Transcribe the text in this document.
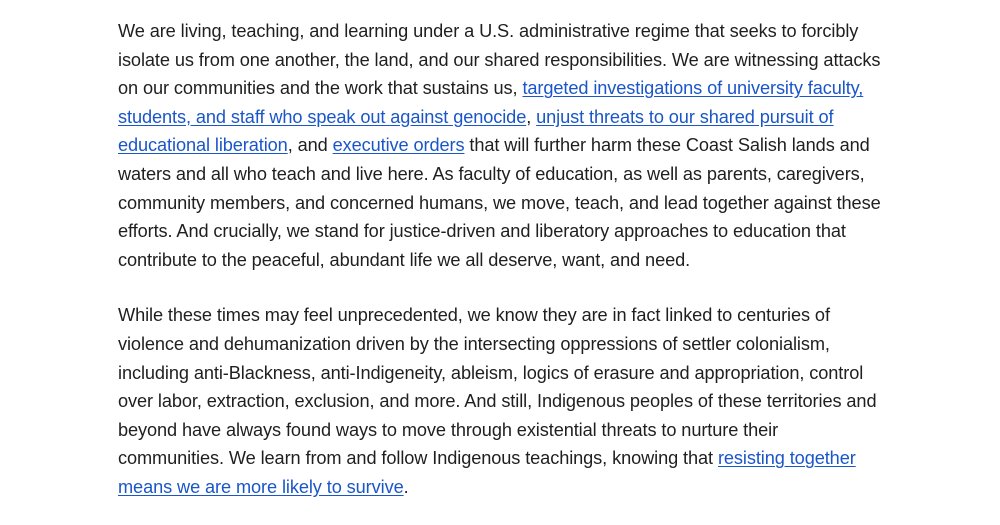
We are living, teaching, and learning under a U.S. administrative regime that seeks to forcibly isolate us from one another, the land, and our shared responsibilities. We are witnessing attacks on our communities and the work that sustains us, targeted investigations of university faculty, students, and staff who speak out against genocide, unjust threats to our shared pursuit of educational liberation, and executive orders that will further harm these Coast Salish lands and waters and all who teach and live here. As faculty of education, as well as parents, caregivers, community members, and concerned humans, we move, teach, and lead together against these efforts. And crucially, we stand for justice-driven and liberatory approaches to education that contribute to the peaceful, abundant life we all deserve, want, and need.

While these times may feel unprecedented, we know they are in fact linked to centuries of violence and dehumanization driven by the intersecting oppressions of settler colonialism, including anti-Blackness, anti-Indigeneity, ableism, logics of erasure and appropriation, control over labor, extraction, exclusion, and more. And still, Indigenous peoples of these territories and beyond have always found ways to move through existential threats to nurture their communities. We learn from and follow Indigenous teachings, knowing that resisting together means we are more likely to survive.
